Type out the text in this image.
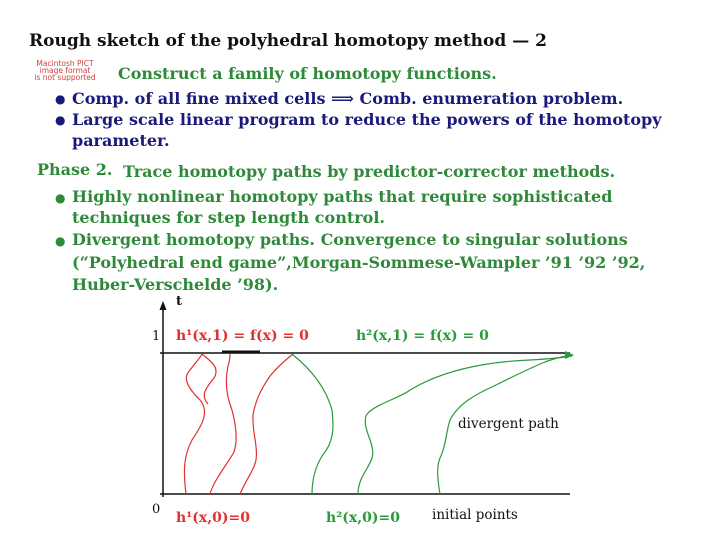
Rough sketch of the polyhedral homotopy method — 2
Macintosh PICT
image format
is not supported	Construct a family of homotopy functions.
● Comp. of all fine mixed cells ⟹ Comb. enumeration problem.
● Large scale linear program to reduce the powers of the homotopy
parameter.
Phase 2. Trace homotopy paths by predictor-corrector methods.
● Highly nonlinear homotopy paths that require sophisticated
techniques for step length control.
● Divergent homotopy paths. Convergence to singular solutions
(“Polyhedral end game”,Morgan-Sommese-Wampler ’91 ’92 ’92,
Huber-Verschelde ’98).
t
1
0
h¹(x,1) = f(x) = 0	h²(x,1) = f(x) = 0
h¹(x,0)=0	h²(x,0)=0
divergent path
initial points
